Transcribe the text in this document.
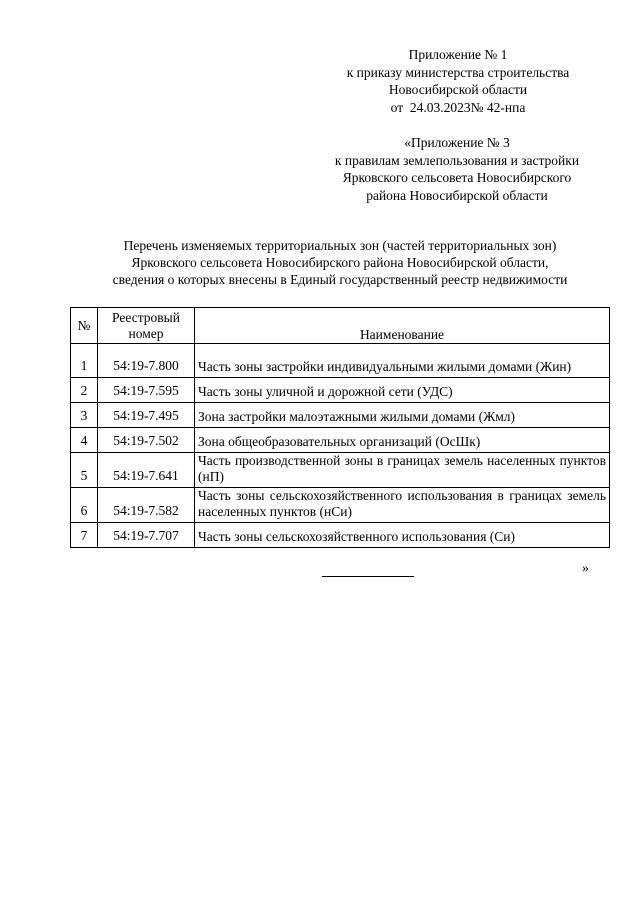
Приложение № 1
к приказу министерства строительства
Новосибирской области
от  24.03.2023№ 42-нпа
«Приложение № 3
к правилам землепользования и застройки
Ярковского сельсовета Новосибирского
района Новосибирской области
Перечень изменяемых территориальных зон (частей территориальных зон)
Ярковского сельсовета Новосибирского района Новосибирской области,
сведения о которых внесены в Единый государственный реестр недвижимости
№	Реестровый номер	Наименование
1	54:19-7.800	Часть зоны застройки индивидуальными жилыми домами (Жин)
2	54:19-7.595	Часть зоны уличной и дорожной сети (УДС)
3	54:19-7.495	Зона застройки малоэтажными жилыми домами (Жмл)
4	54:19-7.502	Зона общеобразовательных организаций (ОсШк)
5	54:19-7.641	Часть производственной зоны в границах земель населенных пунктов (нП)
6	54:19-7.582	Часть зоны сельскохозяйственного использования в границах земель населенных пунктов (нСи)
7	54:19-7.707	Часть зоны сельскохозяйственного использования (Си)
»
